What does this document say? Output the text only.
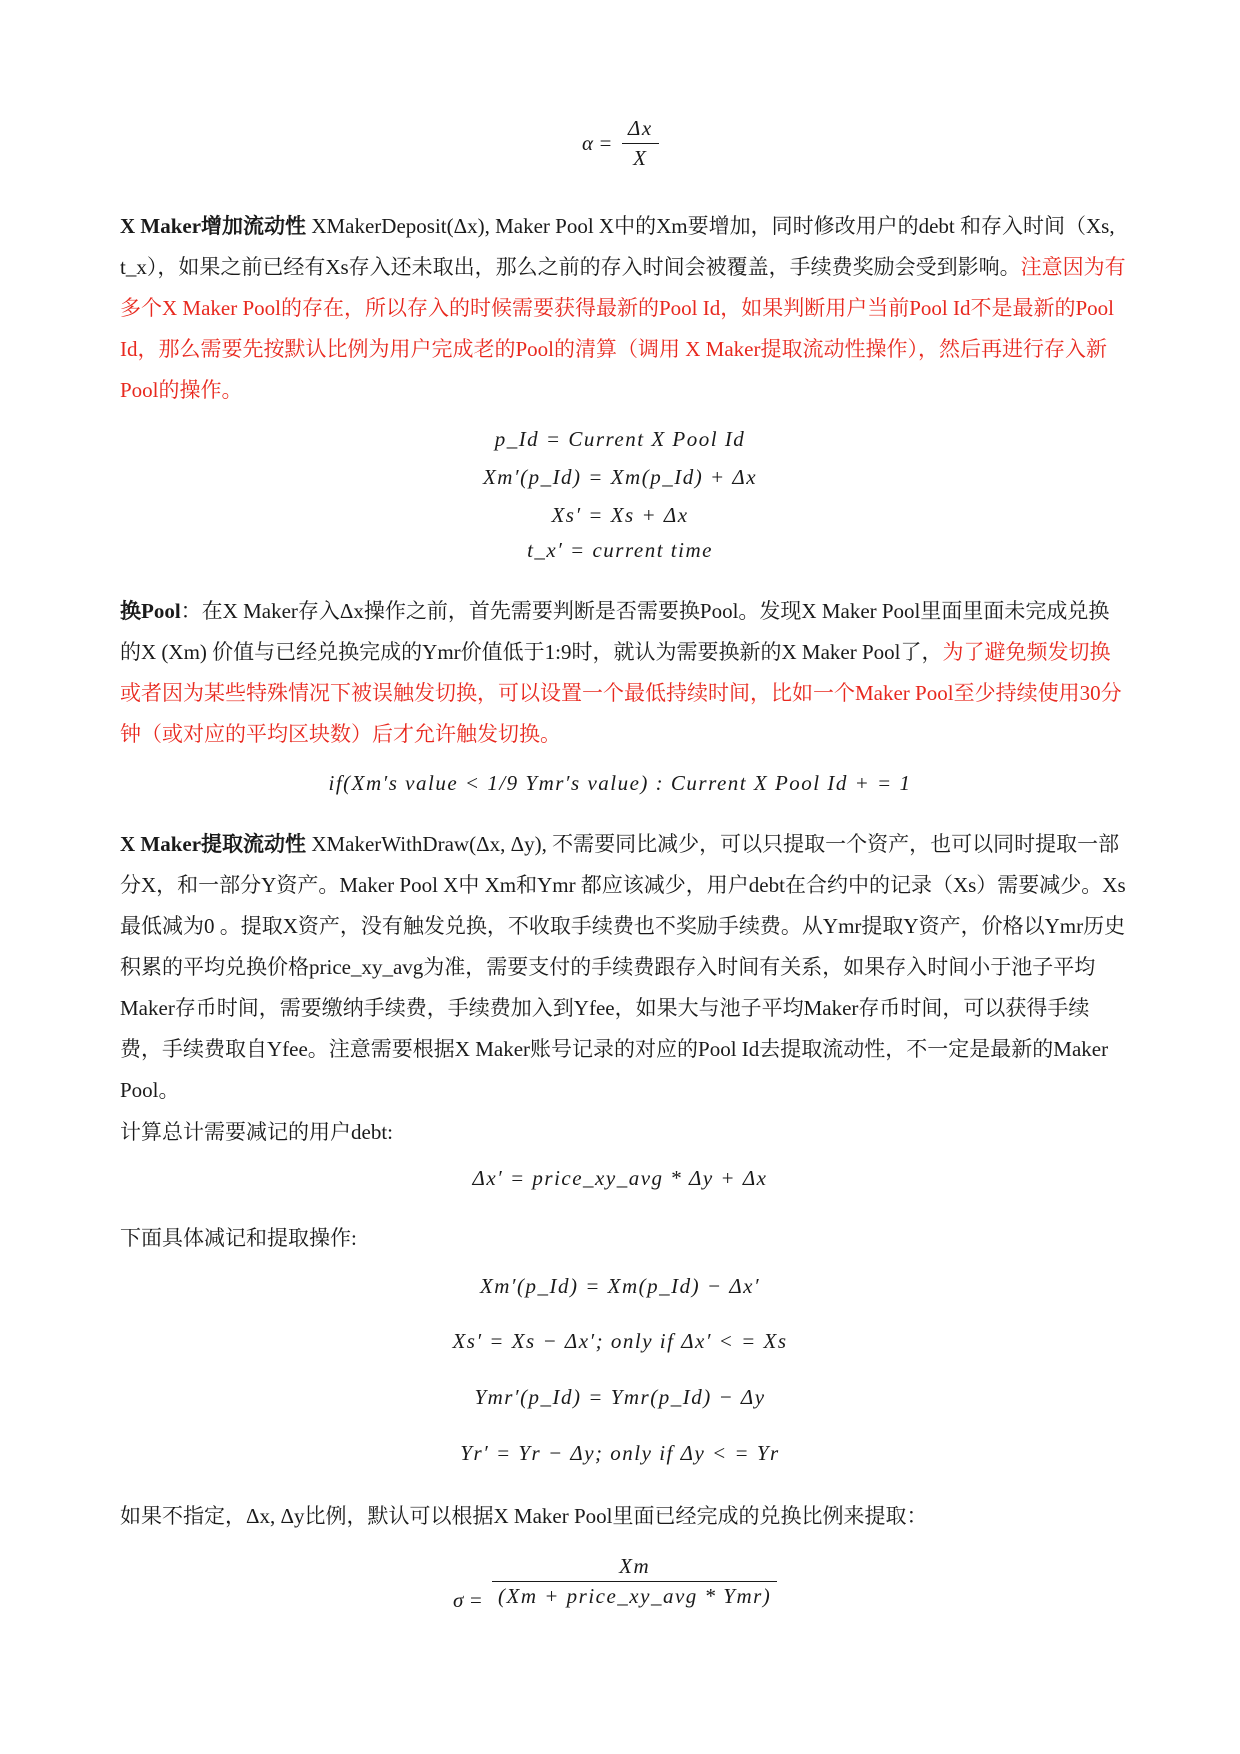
α =
Δx
X

X Maker增加流动性 XMakerDeposit(Δx), Maker Pool X中的Xm要增加，同时修改用户的debt 和存入时间（Xs, t_x），如果之前已经有Xs存入还未取出，那么之前的存入时间会被覆盖，手续费奖励会受到影响。注意因为有多个X Maker Pool的存在，所以存入的时候需要获得最新的Pool Id，如果判断用户当前Pool Id不是最新的Pool Id，那么需要先按默认比例为用户完成老的Pool的清算（调用 X Maker提取流动性操作），然后再进行存入新Pool的操作。

p_Id = Current X Pool Id
Xm′(p_Id) = Xm(p_Id) + Δx
Xs′ = Xs + Δx
t_x′ = current time

换Pool：在X Maker存入Δx操作之前，首先需要判断是否需要换Pool。发现X Maker Pool里面里面未完成兑换的X (Xm) 价值与已经兑换完成的Ymr价值低于1:9时，就认为需要换新的X Maker Pool了，为了避免频发切换或者因为某些特殊情况下被误触发切换，可以设置一个最低持续时间，比如一个Maker Pool至少持续使用30分钟（或对应的平均区块数）后才允许触发切换。

if(Xm′s value < 1/9 Ymr′s value) : Current X Pool Id + = 1

X Maker提取流动性 XMakerWithDraw(Δx, Δy), 不需要同比减少，可以只提取一个资产，也可以同时提取一部分X，和一部分Y资产。Maker Pool X中 Xm和Ymr 都应该减少，用户debt在合约中的记录（Xs）需要减少。Xs最低减为0 。提取X资产，没有触发兑换，不收取手续费也不奖励手续费。从Ymr提取Y资产，价格以Ymr历史积累的平均兑换价格price_xy_avg为准，需要支付的手续费跟存入时间有关系，如果存入时间小于池子平均Maker存币时间，需要缴纳手续费，手续费加入到Yfee，如果大与池子平均Maker存币时间，可以获得手续费，手续费取自Yfee。注意需要根据X Maker账号记录的对应的Pool Id去提取流动性，不一定是最新的Maker Pool。

计算总计需要减记的用户debt:

Δx′ = price_xy_avg * Δy + Δx

下面具体减记和提取操作:

Xm′(p_Id) = Xm(p_Id) − Δx′
Xs′ = Xs − Δx′; only if Δx′ < = Xs
Ymr′(p_Id) = Ymr(p_Id) − Δy
Yr′ = Yr − Δy; only if Δy < = Yr

如果不指定，Δx, Δy比例，默认可以根据X Maker Pool里面已经完成的兑换比例来提取：

σ =
Xm
(Xm + price_xy_avg * Ymr)
